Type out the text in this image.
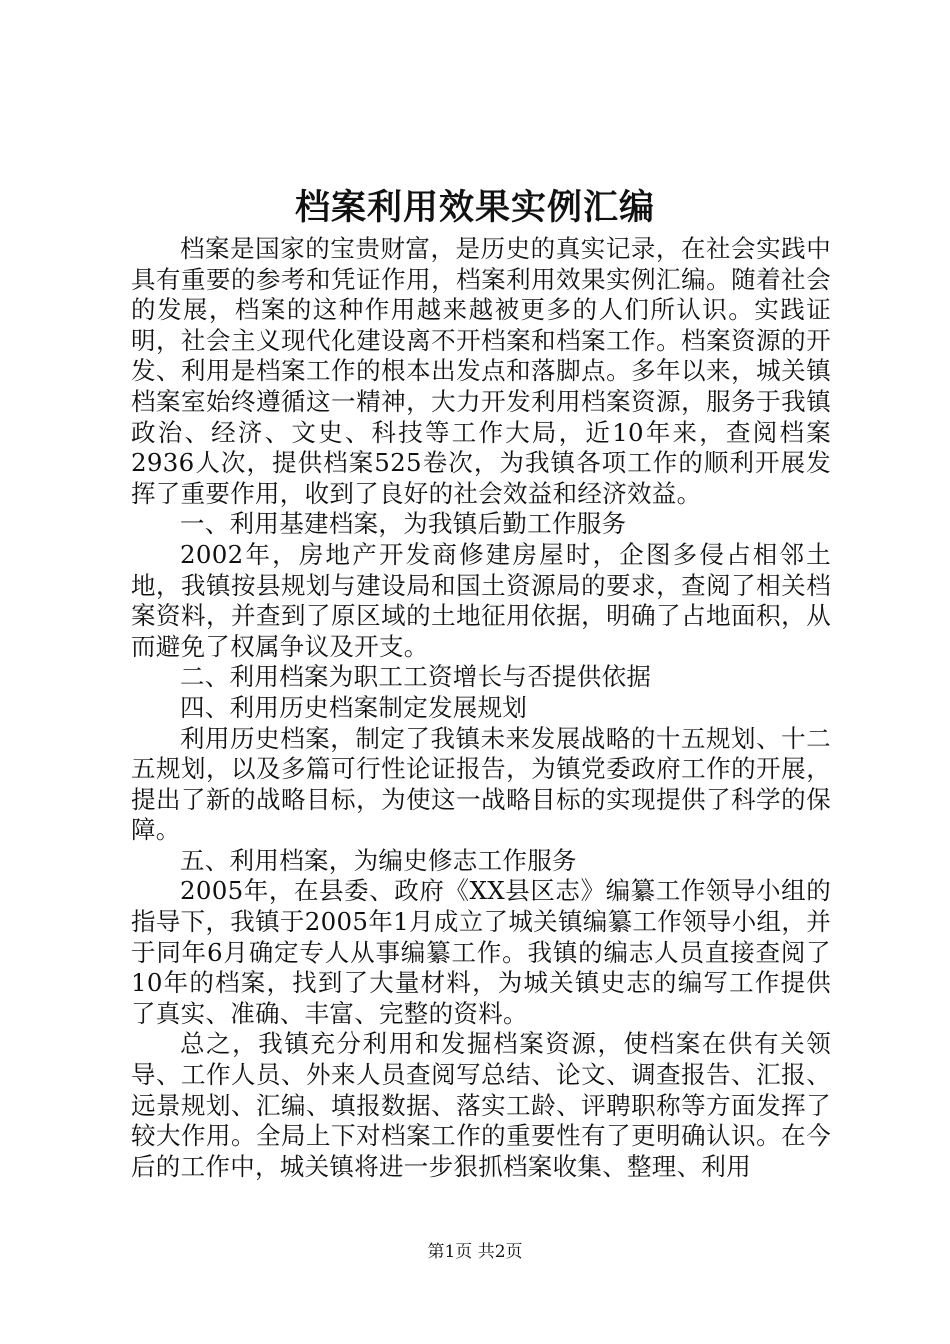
档案利用效果实例汇编

档案是国家的宝贵财富，是历史的真实记录，在社会实践中具有重要的参考和凭证作用，档案利用效果实例汇编。随着社会的发展，档案的这种作用越来越被更多的人们所认识。实践证明，社会主义现代化建设离不开档案和档案工作。档案资源的开发、利用是档案工作的根本出发点和落脚点。多年以来，城关镇档案室始终遵循这一精神，大力开发利用档案资源，服务于我镇政治、经济、文史、科技等工作大局，近10年来，查阅档案2936人次，提供档案525卷次，为我镇各项工作的顺利开展发挥了重要作用，收到了良好的社会效益和经济效益。

一、利用基建档案，为我镇后勤工作服务

2002年，房地产开发商修建房屋时，企图多侵占相邻土地，我镇按县规划与建设局和国土资源局的要求，查阅了相关档案资料，并查到了原区域的土地征用依据，明确了占地面积，从而避免了权属争议及开支。

二、利用档案为职工工资增长与否提供依据

四、利用历史档案制定发展规划

利用历史档案，制定了我镇未来发展战略的十五规划、十二五规划，以及多篇可行性论证报告，为镇党委政府工作的开展，提出了新的战略目标，为使这一战略目标的实现提供了科学的保障。

五、利用档案，为编史修志工作服务

2005年，在县委、政府《XX县区志》编纂工作领导小组的指导下，我镇于2005年1月成立了城关镇编纂工作领导小组，并于同年6月确定专人从事编纂工作。我镇的编志人员直接查阅了10年的档案，找到了大量材料，为城关镇史志的编写工作提供了真实、准确、丰富、完整的资料。

总之，我镇充分利用和发掘档案资源，使档案在供有关领导、工作人员、外来人员查阅写总结、论文、调查报告、汇报、远景规划、汇编、填报数据、落实工龄、评聘职称等方面发挥了较大作用。全局上下对档案工作的重要性有了更明确认识。在今后的工作中，城关镇将进一步狠抓档案收集、整理、利用

第1页 共2页
